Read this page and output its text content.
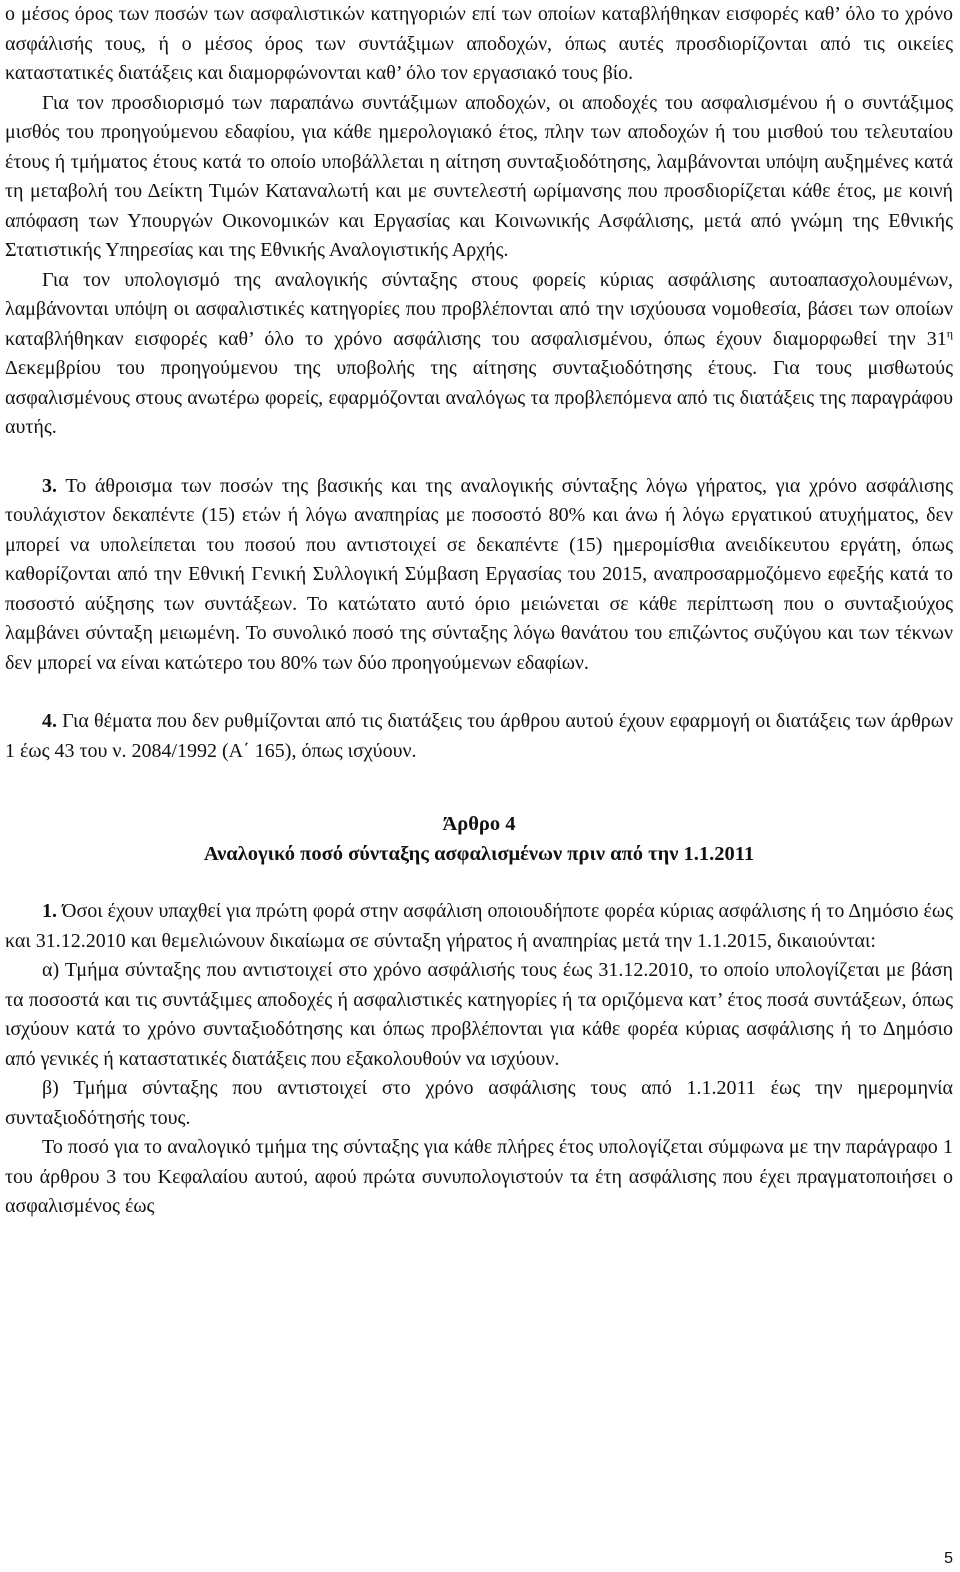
ο μέσος όρος των ποσών των ασφαλιστικών κατηγοριών επί των οποίων καταβλήθηκαν εισφορές καθ’ όλο το χρόνο ασφάλισής τους, ή ο μέσος όρος των συντάξιμων αποδοχών, όπως αυτές προσδιορίζονται από τις οικείες καταστατικές διατάξεις και διαμορφώνονται καθ’ όλο τον εργασιακό τους βίο.

Για τον προσδιορισμό των παραπάνω συντάξιμων αποδοχών, οι αποδοχές του ασφαλισμένου ή ο συντάξιμος μισθός του προηγούμενου εδαφίου, για κάθε ημερολογιακό έτος, πλην των αποδοχών ή του μισθού του τελευταίου έτους ή τμήματος έτους κατά το οποίο υποβάλλεται η αίτηση συνταξιοδότησης, λαμβάνονται υπόψη αυξημένες κατά τη μεταβολή του Δείκτη Τιμών Καταναλωτή και με συντελεστή ωρίμανσης που προσδιορίζεται κάθε έτος, με κοινή απόφαση των Υπουργών Οικονομικών και Εργασίας και Κοινωνικής Ασφάλισης, μετά από γνώμη της Εθνικής Στατιστικής Υπηρεσίας και της Εθνικής Αναλογιστικής Αρχής.

Για τον υπολογισμό της αναλογικής σύνταξης στους φορείς κύριας ασφάλισης αυτοαπασχολουμένων, λαμβάνονται υπόψη οι ασφαλιστικές κατηγορίες που προβλέπονται από την ισχύουσα νομοθεσία, βάσει των οποίων καταβλήθηκαν εισφορές καθ’ όλο το χρόνο ασφάλισης του ασφαλισμένου, όπως έχουν διαμορφωθεί την $31^\eta$ Δεκεμβρίου του προηγούμενου της υποβολής της αίτησης συνταξιοδότησης έτους. Για τους μισθωτούς ασφαλισμένους στους ανωτέρω φορείς, εφαρμόζονται αναλόγως τα προβλεπόμενα από τις διατάξεις της παραγράφου αυτής.

3. Το άθροισμα των ποσών της βασικής και της αναλογικής σύνταξης λόγω γήρατος, για χρόνο ασφάλισης τουλάχιστον δεκαπέντε (15) ετών ή λόγω αναπηρίας με ποσοστό 80% και άνω ή λόγω εργατικού ατυχήματος, δεν μπορεί να υπολείπεται του ποσού που αντιστοιχεί σε δεκαπέντε (15) ημερομίσθια ανειδίκευτου εργάτη, όπως καθορίζονται από την Εθνική Γενική Συλλογική Σύμβαση Εργασίας του 2015, αναπροσαρμοζόμενο εφεξής κατά το ποσοστό αύξησης των συντάξεων. Το κατώτατο αυτό όριο μειώνεται σε κάθε περίπτωση που ο συνταξιούχος λαμβάνει σύνταξη μειωμένη. Το συνολικό ποσό της σύνταξης λόγω θανάτου του επιζώντος συζύγου και των τέκνων δεν μπορεί να είναι κατώτερο του 80% των δύο προηγούμενων εδαφίων.

4. Για θέματα που δεν ρυθμίζονται από τις διατάξεις του άρθρου αυτού έχουν εφαρμογή οι διατάξεις των άρθρων 1 έως 43 του ν. 2084/1992 (Α΄ 165), όπως ισχύουν.

Άρθρο 4
Αναλογικό ποσό σύνταξης ασφαλισμένων πριν από την 1.1.2011

1. Όσοι έχουν υπαχθεί για πρώτη φορά στην ασφάλιση οποιουδήποτε φορέα κύριας ασφάλισης ή το Δημόσιο έως και 31.12.2010 και θεμελιώνουν δικαίωμα σε σύνταξη γήρατος ή αναπηρίας μετά την 1.1.2015, δικαιούνται:

α) Τμήμα σύνταξης που αντιστοιχεί στο χρόνο ασφάλισής τους έως 31.12.2010, το οποίο υπολογίζεται με βάση τα ποσοστά και τις συντάξιμες αποδοχές ή ασφαλιστικές κατηγορίες ή τα οριζόμενα κατ’ έτος ποσά συντάξεων, όπως ισχύουν κατά το χρόνο συνταξιοδότησης και όπως προβλέπονται για κάθε φορέα κύριας ασφάλισης ή το Δημόσιο από γενικές ή καταστατικές διατάξεις που εξακολουθούν να ισχύουν.

β) Τμήμα σύνταξης που αντιστοιχεί στο χρόνο ασφάλισης τους από 1.1.2011 έως την ημερομηνία συνταξιοδότησής τους.

Το ποσό για το αναλογικό τμήμα της σύνταξης για κάθε πλήρες έτος υπολογίζεται σύμφωνα με την παράγραφο 1 του άρθρου 3 του Κεφαλαίου αυτού, αφού πρώτα συνυπολογιστούν τα έτη ασφάλισης που έχει πραγματοποιήσει ο ασφαλισμένος έως

5
